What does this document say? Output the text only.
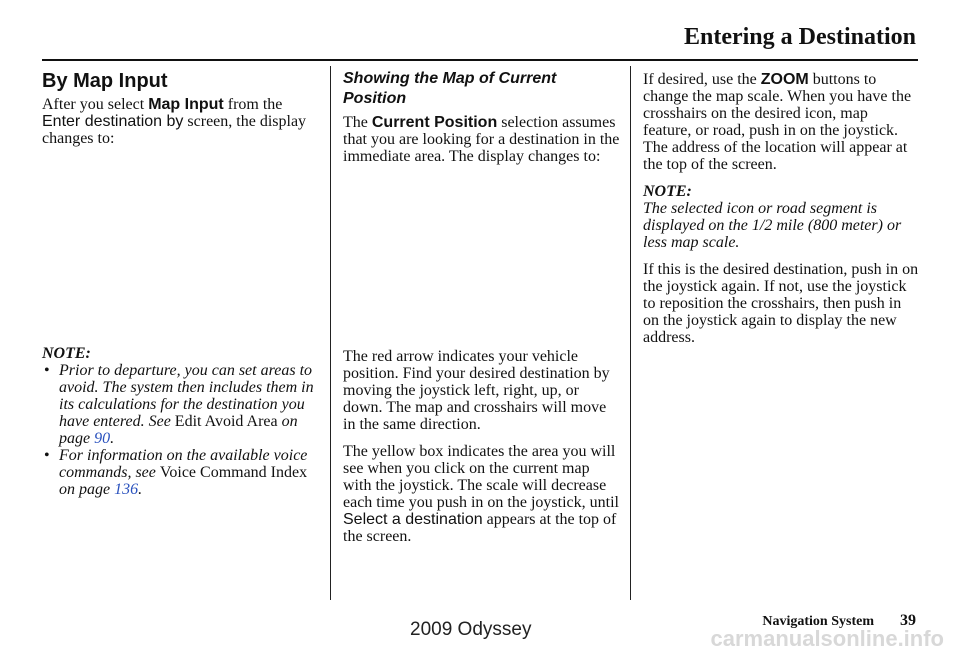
Entering a Destination
By Map Input

After you select Map Input from the Enter destination by screen, the display changes to:

NOTE:

• Prior to departure, you can set areas to avoid. The system then includes them in its calculations for the destination you have entered. See Edit Avoid Area on page 90.
• For information on the available voice commands, see Voice Command Index on page 136.
Showing the Map of Current Position

The Current Position selection assumes that you are looking for a destination in the immediate area. The display changes to:

The red arrow indicates your vehicle position. Find your desired destination by moving the joystick left, right, up, or down. The map and crosshairs will move in the same direction.

The yellow box indicates the area you will see when you click on the current map with the joystick. The scale will decrease each time you push in on the joystick, until Select a destination appears at the top of the screen.

If desired, use the ZOOM buttons to change the map scale. When you have the crosshairs on the desired icon, map feature, or road, push in on the joystick. The address of the location will appear at the top of the screen.

NOTE:

The selected icon or road segment is displayed on the 1/2 mile (800 meter) or less map scale.

If this is the desired destination, push in on the joystick again. If not, use the joystick to reposition the crosshairs, then push in on the joystick again to display the new address.

Navigation System 39
2009 Odyssey	carmanualsonline.info
